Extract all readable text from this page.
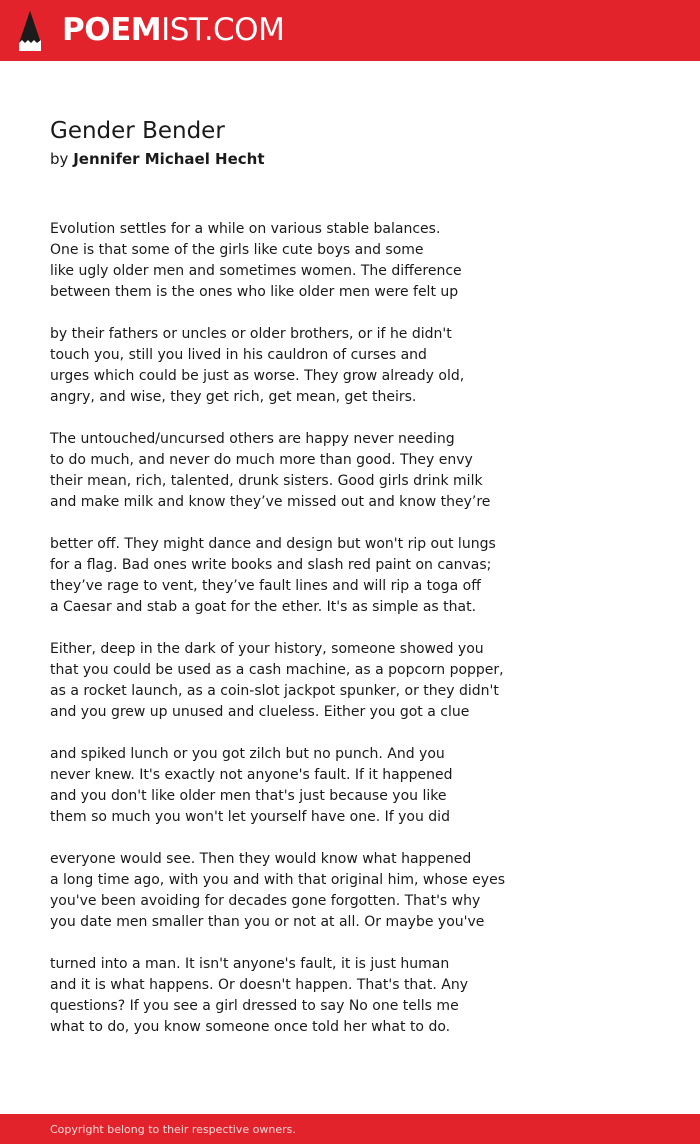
POEMIST.COM
Gender Bender
by Jennifer Michael Hecht
Evolution settles for a while on various stable balances.
One is that some of the girls like cute boys and some
like ugly older men and sometimes women. The difference
between them is the ones who like older men were felt up
by their fathers or uncles or older brothers, or if he didn't
touch you, still you lived in his cauldron of curses and
urges which could be just as worse. They grow already old,
angry, and wise, they get rich, get mean, get theirs.
The untouched/uncursed others are happy never needing
to do much, and never do much more than good. They envy
their mean, rich, talented, drunk sisters. Good girls drink milk
and make milk and know they’ve missed out and know they’re
better off. They might dance and design but won't rip out lungs
for a flag. Bad ones write books and slash red paint on canvas;
they’ve rage to vent, they’ve fault lines and will rip a toga off
a Caesar and stab a goat for the ether. It's as simple as that.
Either, deep in the dark of your history, someone showed you
that you could be used as a cash machine, as a popcorn popper,
as a rocket launch, as a coin-slot jackpot spunker, or they didn't
and you grew up unused and clueless. Either you got a clue
and spiked lunch or you got zilch but no punch. And you
never knew. It's exactly not anyone's fault. If it happened
and you don't like older men that's just because you like
them so much you won't let yourself have one. If you did
everyone would see. Then they would know what happened
a long time ago, with you and with that original him, whose eyes
you've been avoiding for decades gone forgotten. That's why
you date men smaller than you or not at all. Or maybe you've
turned into a man. It isn't anyone's fault, it is just human
and it is what happens. Or doesn't happen. That's that. Any
questions? If you see a girl dressed to say No one tells me
what to do, you know someone once told her what to do.
Copyright belong to their respective owners.
